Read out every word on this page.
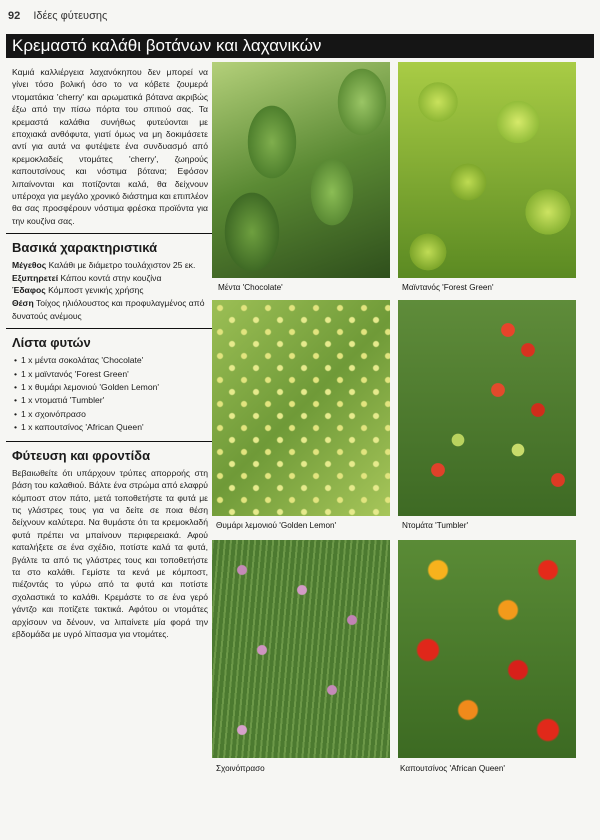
92 Ιδέες φύτευσης
Κρεμαστό καλάθι βοτάνων και λαχανικών
Καμιά καλλιέργεια λαχανόκηπου δεν μπορεί να γίνει τόσο βολική όσο το να κόβετε ζουμερά ντοματάκια 'cherry' και αρωματικά βότανα ακριβώς έξω από την πίσω πόρτα του σπιτιού σας. Τα κρεμαστά καλάθια συνήθως φυτεύονται με εποχιακά ανθόφυτα, γιατί όμως να μη δοκιμάσετε αντί για αυτά να φυτέψετε ένα συνδυασμό από κρεμοκλαδείς ντομάτες 'cherry', ζωηρούς καπουτσίνους και νόστιμα βότανα; Εφόσον λιπαίνονται και ποτίζονται καλά, θα δείχνουν υπέροχα για μεγάλο χρονικό διάστημα και επιπλέον θα σας προσφέρουν νόστιμα φρέσκα προϊόντα για την κουζίνα σας.
Βασικά χαρακτηριστικά
Μέγεθος Καλάθι με διάμετρο τουλάχιστον 25 εκ.
Εξυπηρετεί Κάπου κοντά στην κουζίνα
Έδαφος Κόμποστ γενικής χρήσης
Θέση Τοίχος ηλιόλουστος και προφυλαγμένος από δυνατούς ανέμους
Λίστα φυτών
• 1 x μέντα σοκολάτας 'Chocolate'
• 1 x μαϊντανός 'Forest Green'
• 1 x θυμάρι λεμονιού 'Golden Lemon'
• 1 x ντοματιά 'Tumbler'
• 1 x σχοινόπρασο
• 1 x καπουτσίνος 'African Queen'
Φύτευση και φροντίδα
Βεβαιωθείτε ότι υπάρχουν τρύπες απορροής στη βάση του καλαθιού. Βάλτε ένα στρώμα από ελαφρύ κόμποστ στον πάτο, μετά τοποθετήστε τα φυτά με τις γλάστρες τους για να δείτε σε ποια θέση δείχνουν καλύτερα. Να θυμάστε ότι τα κρεμοκλαδή φυτά πρέπει να μπαίνουν περιφερειακά. Αφού καταλήξετε σε ένα σχέδιο, ποτίστε καλά τα φυτά, βγάλτε τα από τις γλάστρες τους και τοποθετήστε τα στο καλάθι. Γεμίστε τα κενά με κόμποστ, πιέζοντάς το γύρω από τα φυτά και ποτίστε σχολαστικά το καλάθι. Κρεμάστε το σε ένα γερό γάντζο και ποτίζετε τακτικά. Αφότου οι ντομάτες αρχίσουν να δένουν, να λιπαίνετε μία φορά την εβδομάδα με υγρό λίπασμα για ντομάτες.
Μέντα 'Chocolate'	Μαϊντανός 'Forest Green'
Θυμάρι λεμονιού 'Golden Lemon'	Ντομάτα 'Tumbler'
Σχοινόπρασο	Καπουτσίνος 'African Queen'
